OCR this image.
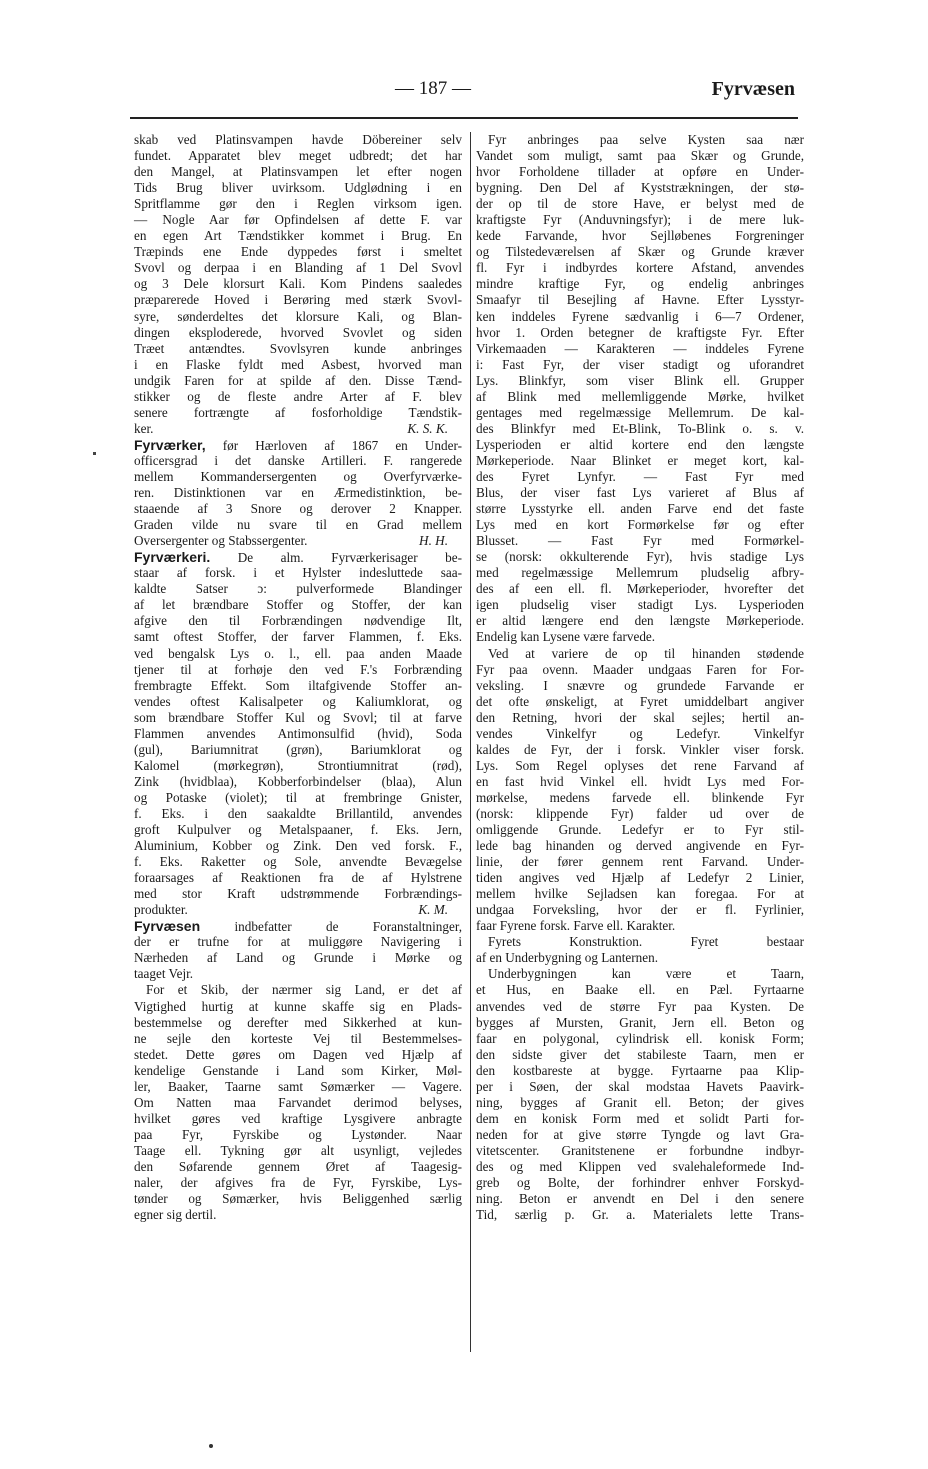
— 187 —	Fyrvæsen
skab ved Platinsvampen havde Döbereiner selv
fundet. Apparatet blev meget udbredt; det har
den Mangel, at Platinsvampen let efter nogen
Tids Brug bliver uvirksom. Udglødning i en
Spritflamme gør den i Reglen virksom igen.
— Nogle Aar før Opfindelsen af dette F. var
en egen Art Tændstikker kommet i Brug. En
Træpinds ene Ende dyppedes først i smeltet
Svovl og derpaa i en Blanding af 1 Del Svovl
og 3 Dele klorsurt Kali. Kom Pindens saaledes
præparerede Hoved i Berøring med stærk Svovl-
syre, sønderdeltes det klorsure Kali, og Blan-
dingen eksploderede, hvorved Svovlet og siden
Træet antændtes. Svovlsyren kunde anbringes
i en Flaske fyldt med Asbest, hvorved man
undgik Faren for at spilde af den. Disse Tænd-
stikker og de fleste andre Arter af F. blev
senere fortrængte af fosforholdige Tændstik-
ker.	K. S. K.
Fyrværker, før Hærloven af 1867 en Under-
officersgrad i det danske Artilleri. F. rangerede
mellem Kommandersergenten og Overfyrværke-
ren. Distinktionen var en Ærmedistinktion, be-
staaende af 3 Snore og derover 2 Knapper.
Graden vilde nu svare til en Grad mellem
Oversergenter og Stabssergenter.	H. H.
Fyrværkeri. De alm. Fyrværkerisager be-
staar af forsk. i et Hylster indesluttede saa-
kaldte Satser ɔ: pulverformede Blandinger
af let brændbare Stoffer og Stoffer, der kan
afgive den til Forbrændingen nødvendige Ilt,
samt oftest Stoffer, der farver Flammen, f. Eks.
ved bengalsk Lys o. l., ell. paa anden Maade
tjener til at forhøje den ved F.'s Forbrænding
frembragte Effekt. Som iltafgivende Stoffer an-
vendes oftest Kalisalpeter og Kaliumklorat, og
som brændbare Stoffer Kul og Svovl; til at farve
Flammen anvendes Antimonsulfid (hvid), Soda
(gul), Bariumnitrat (grøn), Bariumklorat og
Kalomel (mørkegrøn), Strontiumnitrat (rød),
Zink (hvidblaa), Kobberforbindelser (blaa), Alun
og Potaske (violet); til at frembringe Gnister,
f. Eks. i den saakaldte Brillantild, anvendes
groft Kulpulver og Metalspaaner, f. Eks. Jern,
Aluminium, Kobber og Zink. Den ved forsk. F.,
f. Eks. Raketter og Sole, anvendte Bevægelse
foraarsages af Reaktionen fra de af Hylstrene
med stor Kraft udstrømmende Forbrændings-
produkter.	K. M.
Fyrvæsen indbefatter de Foranstaltninger,
der er trufne for at muliggøre Navigering i
Nærheden af Land og Grunde i Mørke og
taaget Vejr.
For et Skib, der nærmer sig Land, er det af
Vigtighed hurtig at kunne skaffe sig en Plads-
bestemmelse og derefter med Sikkerhed at kun-
ne sejle den korteste Vej til Bestemmelses-
stedet. Dette gøres om Dagen ved Hjælp af
kendelige Genstande i Land som Kirker, Møl-
ler, Baaker, Taarne samt Sømærker — Vagere.
Om Natten maa Farvandet derimod belyses,
hvilket gøres ved kraftige Lysgivere anbragte
paa Fyr, Fyrskibe og Lystønder. Naar
Taage ell. Tykning gør alt usynligt, vejledes
den Søfarende gennem Øret af Taagesig-
naler, der afgives fra de Fyr, Fyrskibe, Lys-
tønder og Sømærker, hvis Beliggenhed særlig
egner sig dertil.
Fyr anbringes paa selve Kysten saa nær
Vandet som muligt, samt paa Skær og Grunde,
hvor Forholdene tillader at opføre en Under-
bygning. Den Del af Kyststrækningen, der stø-
der op til de store Have, er belyst med de
kraftigste Fyr (Anduvningsfyr); i de mere luk-
kede Farvande, hvor Sejlløbenes Forgreninger
og Tilstedeværelsen af Skær og Grunde kræver
fl. Fyr i indbyrdes kortere Afstand, anvendes
mindre kraftige Fyr, og endelig anbringes
Smaafyr til Besejling af Havne. Efter Lysstyr-
ken inddeles Fyrene sædvanlig i 6—7 Ordener,
hvor 1. Orden betegner de kraftigste Fyr. Efter
Virkemaaden — Karakteren — inddeles Fyrene
i: Fast Fyr, der viser stadigt og uforandret
Lys. Blinkfyr, som viser Blink ell. Grupper
af Blink med mellemliggende Mørke, hvilket
gentages med regelmæssige Mellemrum. De kal-
des Blinkfyr med Et-Blink, To-Blink o. s. v.
Lysperioden er altid kortere end den længste
Mørkeperiode. Naar Blinket er meget kort, kal-
des Fyret Lynfyr. — Fast Fyr med
Blus, der viser fast Lys varieret af Blus af
større Lysstyrke ell. anden Farve end det faste
Lys med en kort Formørkelse før og efter
Blusset. — Fast Fyr med Formørkel-
se (norsk: okkulterende Fyr), hvis stadige Lys
med regelmæssige Mellemrum pludselig afbry-
des af een ell. fl. Mørkeperioder, hvorefter det
igen pludselig viser stadigt Lys. Lysperioden
er altid længere end den længste Mørkeperiode.
Endelig kan Lysene være farvede.
Ved at variere de op til hinanden stødende
Fyr paa ovenn. Maader undgaas Faren for For-
veksling. I snævre og grundede Farvande er
det ofte ønskeligt, at Fyret umiddelbart angiver
den Retning, hvori der skal sejles; hertil an-
vendes Vinkelfyr og Ledefyr. Vinkelfyr
kaldes de Fyr, der i forsk. Vinkler viser forsk.
Lys. Som Regel oplyses det rene Farvand af
en fast hvid Vinkel ell. hvidt Lys med For-
mørkelse, medens farvede ell. blinkende Fyr
(norsk: klippende Fyr) falder ud over de
omliggende Grunde. Ledefyr er to Fyr stil-
lede bag hinanden og derved angivende en Fyr-
linie, der fører gennem rent Farvand. Under-
tiden angives ved Hjælp af Ledefyr 2 Linier,
mellem hvilke Sejladsen kan foregaa. For at
undgaa Forveksling, hvor der er fl. Fyrlinier,
faar Fyrene forsk. Farve ell. Karakter.
Fyrets Konstruktion. Fyret bestaar
af en Underbygning og Lanternen.
Underbygningen kan være et Taarn,
et Hus, en Baake ell. en Pæl. Fyrtaarne
anvendes ved de større Fyr paa Kysten. De
bygges af Mursten, Granit, Jern ell. Beton og
faar en polygonal, cylindrisk ell. konisk Form;
den sidste giver det stabileste Taarn, men er
den kostbareste at bygge. Fyrtaarne paa Klip-
per i Søen, der skal modstaa Havets Paavirk-
ning, bygges af Granit ell. Beton; der gives
dem en konisk Form med et solidt Parti for-
neden for at give større Tyngde og lavt Gra-
vitetscenter. Granitstenene er forbundne indbyr-
des og med Klippen ved svalehaleformede Ind-
greb og Bolte, der forhindrer enhver Forskyd-
ning. Beton er anvendt en Del i den senere
Tid, særlig p. Gr. a. Materialets lette Trans-
